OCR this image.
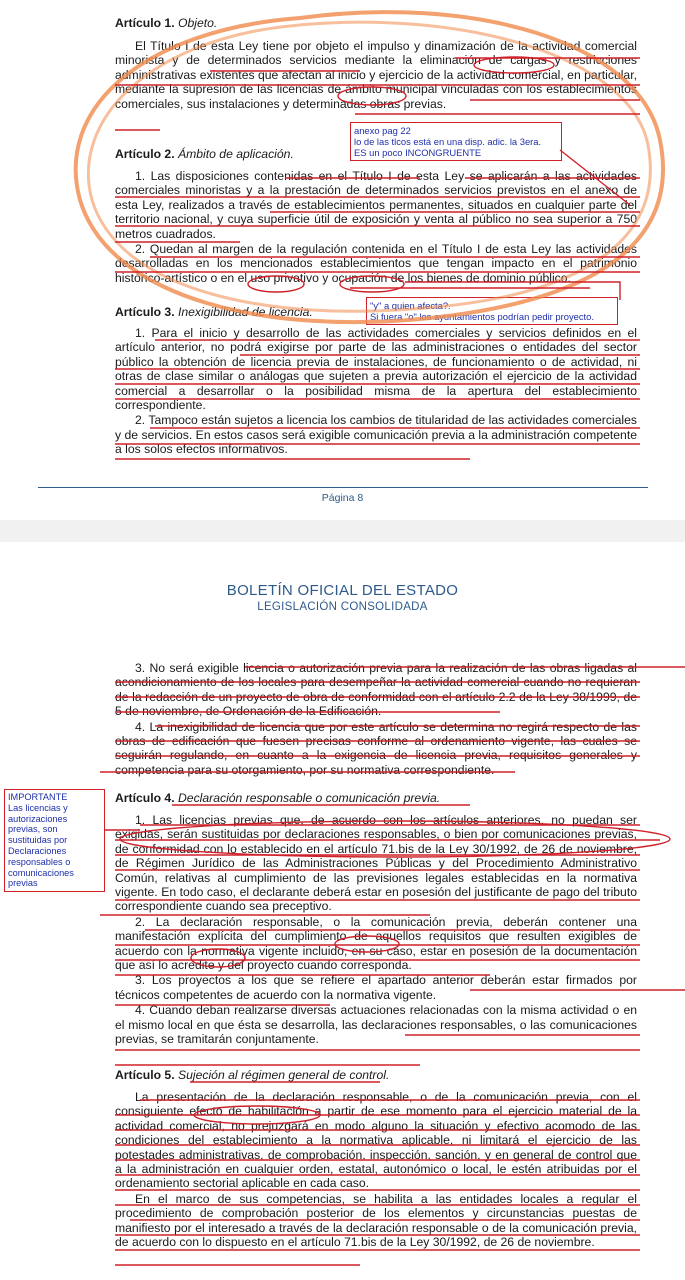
Artículo 1. Objeto.

El Título I de esta Ley tiene por objeto el impulso y dinamización de la actividad comercial minorista y de determinados servicios mediante la eliminación de cargas y restricciones administrativas existentes que afectan al inicio y ejercicio de la actividad comercial, en particular, mediante la supresión de las licencias de ámbito municipal vinculadas con los establecimientos comerciales, sus instalaciones y determinadas obras previas.

Artículo 2. Ámbito de aplicación.

1. Las disposiciones contenidas en el Título I de esta Ley se aplicarán a las actividades comerciales minoristas y a la prestación de determinados servicios previstos en el anexo de esta Ley, realizados a través de establecimientos permanentes, situados en cualquier parte del territorio nacional, y cuya superficie útil de exposición y venta al público no sea superior a 750 metros cuadrados.

2. Quedan al margen de la regulación contenida en el Título I de esta Ley las actividades desarrolladas en los mencionados establecimientos que tengan impacto en el patrimonio histórico-artístico o en el uso privativo y ocupación de los bienes de dominio público.

Artículo 3. Inexigibilidad de licencia.

1. Para el inicio y desarrollo de las actividades comerciales y servicios definidos en el artículo anterior, no podrá exigirse por parte de las administraciones o entidades del sector público la obtención de licencia previa de instalaciones, de funcionamiento o de actividad, ni otras de clase similar o análogas que sujeten a previa autorización el ejercicio de la actividad comercial a desarrollar o la posibilidad misma de la apertura del establecimiento correspondiente.

2. Tampoco están sujetos a licencia los cambios de titularidad de las actividades comerciales y de servicios. En estos casos será exigible comunicación previa a la administración competente a los solos efectos informativos.

Página 8
anexo pag 22
lo de las tlcos está en una disp. adic. la 3era.
ES un poco INCONGRUENTE
"y" a quien afecta?.
Si fuera "o" los ayuntamientos podrían pedir proyecto.
BOLETÍN OFICIAL DEL ESTADO
LEGISLACIÓN CONSOLIDADA

3. No será exigible licencia o autorización previa para la realización de las obras ligadas al acondicionamiento de los locales para desempeñar la actividad comercial cuando no requieran de la redacción de un proyecto de obra de conformidad con el artículo 2.2 de la Ley 38/1999, de 5 de noviembre, de Ordenación de la Edificación.

4. La inexigibilidad de licencia que por este artículo se determina no regirá respecto de las obras de edificación que fuesen precisas conforme al ordenamiento vigente, las cuales se seguirán regulando, en cuanto a la exigencia de licencia previa, requisitos generales y competencia para su otorgamiento, por su normativa correspondiente.

Artículo 4. Declaración responsable o comunicación previa.

1. Las licencias previas que, de acuerdo con los artículos anteriores, no puedan ser exigidas, serán sustituidas por declaraciones responsables, o bien por comunicaciones previas, de conformidad con lo establecido en el artículo 71.bis de la Ley 30/1992, de 26 de noviembre, de Régimen Jurídico de las Administraciones Públicas y del Procedimiento Administrativo Común, relativas al cumplimiento de las previsiones legales establecidas en la normativa vigente. En todo caso, el declarante deberá estar en posesión del justificante de pago del tributo correspondiente cuando sea preceptivo.

2. La declaración responsable, o la comunicación previa, deberán contener una manifestación explícita del cumplimiento de aquellos requisitos que resulten exigibles de acuerdo con la normativa vigente incluido, en su caso, estar en posesión de la documentación que así lo acredite y del proyecto cuando corresponda.

3. Los proyectos a los que se refiere el apartado anterior deberán estar firmados por técnicos competentes de acuerdo con la normativa vigente.

4. Cuando deban realizarse diversas actuaciones relacionadas con la misma actividad o en el mismo local en que ésta se desarrolla, las declaraciones responsables, o las comunicaciones previas, se tramitarán conjuntamente.

Artículo 5. Sujeción al régimen general de control.

La presentación de la declaración responsable, o de la comunicación previa, con el consiguiente efecto de habilitación a partir de ese momento para el ejercicio material de la actividad comercial, no prejuzgará en modo alguno la situación y efectivo acomodo de las condiciones del establecimiento a la normativa aplicable, ni limitará el ejercicio de las potestades administrativas, de comprobación, inspección, sanción, y en general de control que a la administración en cualquier orden, estatal, autonómico o local, le estén atribuidas por el ordenamiento sectorial aplicable en cada caso.

En el marco de sus competencias, se habilita a las entidades locales a regular el procedimiento de comprobación posterior de los elementos y circunstancias puestas de manifiesto por el interesado a través de la declaración responsable o de la comunicación previa, de acuerdo con lo dispuesto en el artículo 71.bis de la Ley 30/1992, de 26 de noviembre.

IMPORTANTE
Las licencias y
autorizaciones
previas, son
sustituidas por
Declaraciones
responsables o
comunicaciones
previas
